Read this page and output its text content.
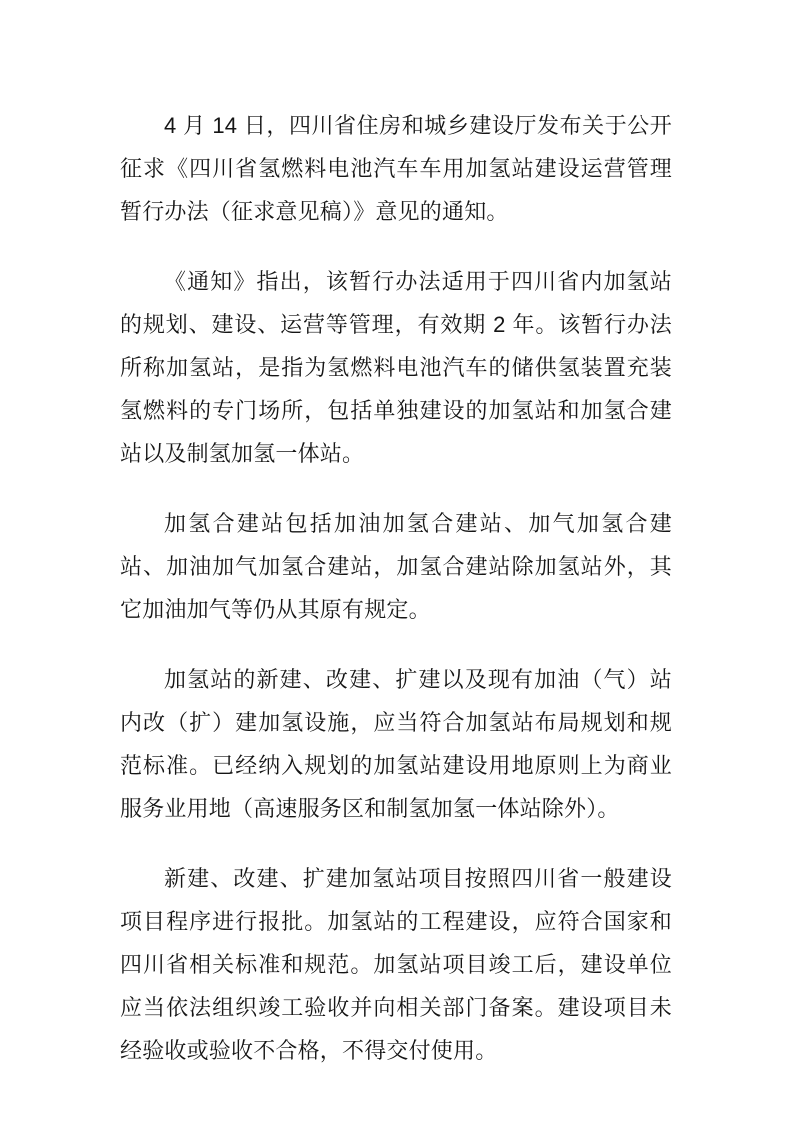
4 月 14 日，四川省住房和城乡建设厅发布关于公开征求《四川省氢燃料电池汽车车用加氢站建设运营管理暂行办法（征求意见稿）》意见的通知。

《通知》指出，该暂行办法适用于四川省内加氢站的规划、建设、运营等管理，有效期 2 年。该暂行办法所称加氢站，是指为氢燃料电池汽车的储供氢装置充装氢燃料的专门场所，包括单独建设的加氢站和加氢合建站以及制氢加氢一体站。

加氢合建站包括加油加氢合建站、加气加氢合建站、加油加气加氢合建站，加氢合建站除加氢站外，其它加油加气等仍从其原有规定。

加氢站的新建、改建、扩建以及现有加油（气）站内改（扩）建加氢设施，应当符合加氢站布局规划和规范标准。已经纳入规划的加氢站建设用地原则上为商业服务业用地（高速服务区和制氢加氢一体站除外）。

新建、改建、扩建加氢站项目按照四川省一般建设项目程序进行报批。加氢站的工程建设，应符合国家和四川省相关标准和规范。加氢站项目竣工后，建设单位应当依法组织竣工验收并向相关部门备案。建设项目未经验收或验收不合格，不得交付使用。
